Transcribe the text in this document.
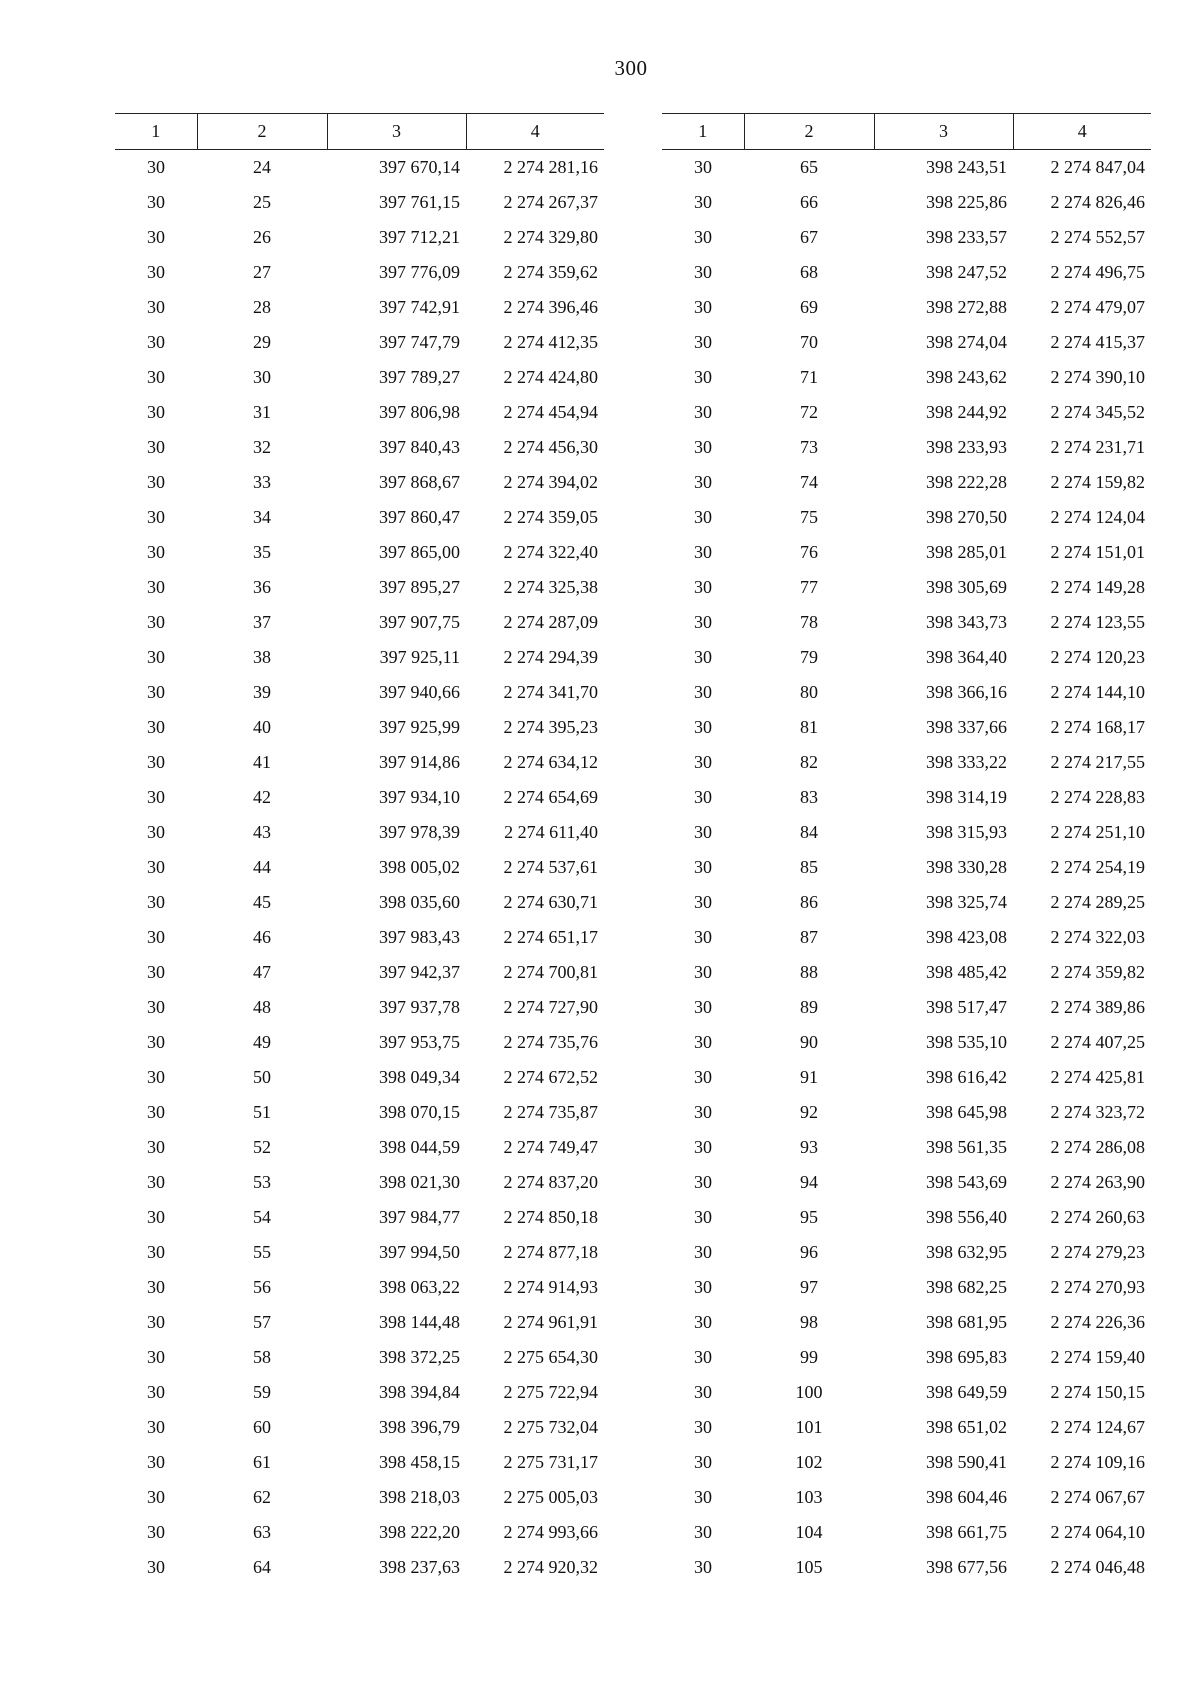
300
1	2	3	4
30	24	397 670,14	2 274 281,16
30	25	397 761,15	2 274 267,37
30	26	397 712,21	2 274 329,80
30	27	397 776,09	2 274 359,62
30	28	397 742,91	2 274 396,46
30	29	397 747,79	2 274 412,35
30	30	397 789,27	2 274 424,80
30	31	397 806,98	2 274 454,94
30	32	397 840,43	2 274 456,30
30	33	397 868,67	2 274 394,02
30	34	397 860,47	2 274 359,05
30	35	397 865,00	2 274 322,40
30	36	397 895,27	2 274 325,38
30	37	397 907,75	2 274 287,09
30	38	397 925,11	2 274 294,39
30	39	397 940,66	2 274 341,70
30	40	397 925,99	2 274 395,23
30	41	397 914,86	2 274 634,12
30	42	397 934,10	2 274 654,69
30	43	397 978,39	2 274 611,40
30	44	398 005,02	2 274 537,61
30	45	398 035,60	2 274 630,71
30	46	397 983,43	2 274 651,17
30	47	397 942,37	2 274 700,81
30	48	397 937,78	2 274 727,90
30	49	397 953,75	2 274 735,76
30	50	398 049,34	2 274 672,52
30	51	398 070,15	2 274 735,87
30	52	398 044,59	2 274 749,47
30	53	398 021,30	2 274 837,20
30	54	397 984,77	2 274 850,18
30	55	397 994,50	2 274 877,18
30	56	398 063,22	2 274 914,93
30	57	398 144,48	2 274 961,91
30	58	398 372,25	2 275 654,30
30	59	398 394,84	2 275 722,94
30	60	398 396,79	2 275 732,04
30	61	398 458,15	2 275 731,17
30	62	398 218,03	2 275 005,03
30	63	398 222,20	2 274 993,66
30	64	398 237,63	2 274 920,32
1	2	3	4
30	65	398 243,51	2 274 847,04
30	66	398 225,86	2 274 826,46
30	67	398 233,57	2 274 552,57
30	68	398 247,52	2 274 496,75
30	69	398 272,88	2 274 479,07
30	70	398 274,04	2 274 415,37
30	71	398 243,62	2 274 390,10
30	72	398 244,92	2 274 345,52
30	73	398 233,93	2 274 231,71
30	74	398 222,28	2 274 159,82
30	75	398 270,50	2 274 124,04
30	76	398 285,01	2 274 151,01
30	77	398 305,69	2 274 149,28
30	78	398 343,73	2 274 123,55
30	79	398 364,40	2 274 120,23
30	80	398 366,16	2 274 144,10
30	81	398 337,66	2 274 168,17
30	82	398 333,22	2 274 217,55
30	83	398 314,19	2 274 228,83
30	84	398 315,93	2 274 251,10
30	85	398 330,28	2 274 254,19
30	86	398 325,74	2 274 289,25
30	87	398 423,08	2 274 322,03
30	88	398 485,42	2 274 359,82
30	89	398 517,47	2 274 389,86
30	90	398 535,10	2 274 407,25
30	91	398 616,42	2 274 425,81
30	92	398 645,98	2 274 323,72
30	93	398 561,35	2 274 286,08
30	94	398 543,69	2 274 263,90
30	95	398 556,40	2 274 260,63
30	96	398 632,95	2 274 279,23
30	97	398 682,25	2 274 270,93
30	98	398 681,95	2 274 226,36
30	99	398 695,83	2 274 159,40
30	100	398 649,59	2 274 150,15
30	101	398 651,02	2 274 124,67
30	102	398 590,41	2 274 109,16
30	103	398 604,46	2 274 067,67
30	104	398 661,75	2 274 064,10
30	105	398 677,56	2 274 046,48
